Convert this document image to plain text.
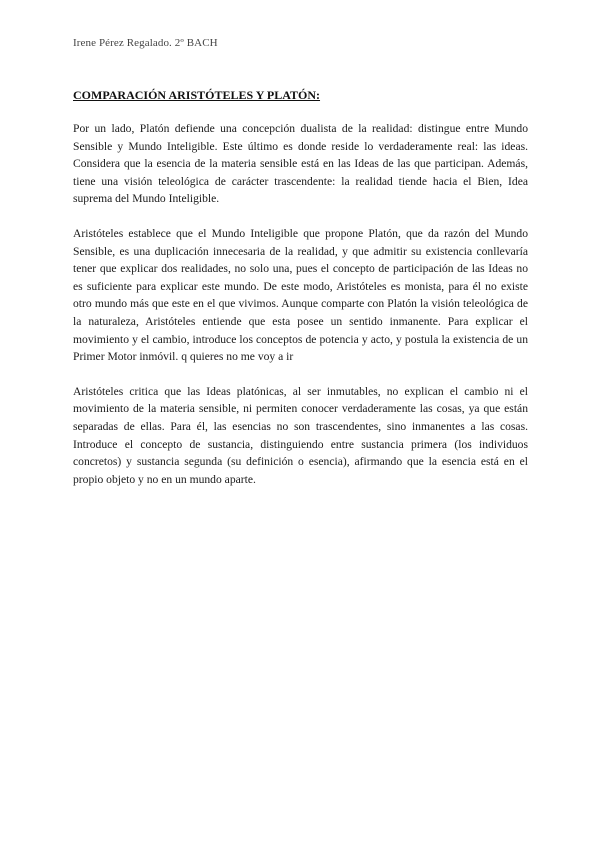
Irene Pérez Regalado. 2º BACH
COMPARACIÓN ARISTÓTELES Y PLATÓN:

Por un lado, Platón defiende una concepción dualista de la realidad: distingue entre Mundo Sensible y Mundo Inteligible. Este último es donde reside lo verdaderamente real: las ideas. Considera que la esencia de la materia sensible está en las Ideas de las que participan. Además, tiene una visión teleológica de carácter trascendente: la realidad tiende hacia el Bien, Idea suprema del Mundo Inteligible.

Aristóteles establece que el Mundo Inteligible que propone Platón, que da razón del Mundo Sensible, es una duplicación innecesaria de la realidad, y que admitir su existencia conllevaría tener que explicar dos realidades, no solo una, pues el concepto de participación de las Ideas no es suficiente para explicar este mundo. De este modo, Aristóteles es monista, para él no existe otro mundo más que este en el que vivimos. Aunque comparte con Platón la visión teleológica de la naturaleza, Aristóteles entiende que esta posee un sentido inmanente. Para explicar el movimiento y el cambio, introduce los conceptos de potencia y acto, y postula la existencia de un Primer Motor inmóvil. q quieres no me voy a ir

Aristóteles critica que las Ideas platónicas, al ser inmutables, no explican el cambio ni el movimiento de la materia sensible, ni permiten conocer verdaderamente las cosas, ya que están separadas de ellas. Para él, las esencias no son trascendentes, sino inmanentes a las cosas. Introduce el concepto de sustancia, distinguiendo entre sustancia primera (los individuos concretos) y sustancia segunda (su definición o esencia), afirmando que la esencia está en el propio objeto y no en un mundo aparte.
